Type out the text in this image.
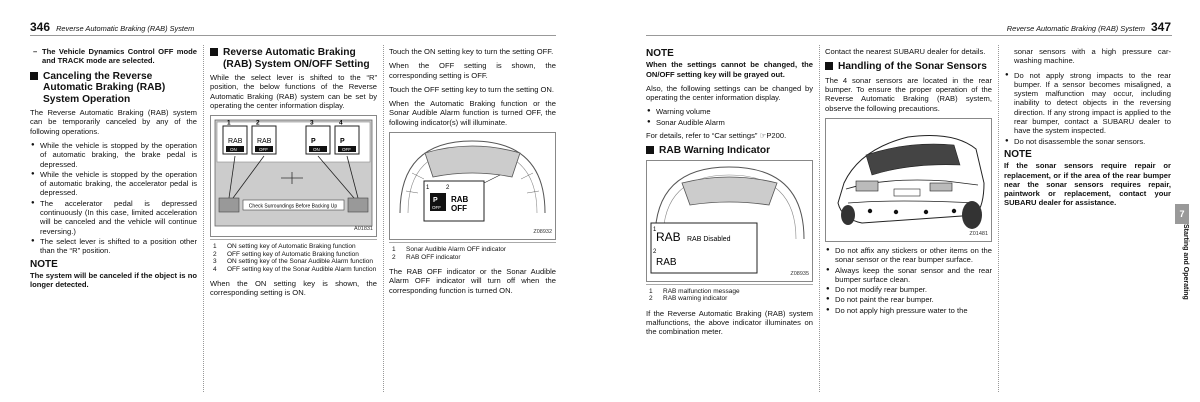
346 Reverse Automatic Braking (RAB) System

– The Vehicle Dynamics Control OFF mode and TRACK mode are selected.

Canceling the Reverse Automatic Braking (RAB) System Operation

The Reverse Automatic Braking (RAB) system can be temporarily canceled by any of the following operations.

● While the vehicle is stopped by the operation of automatic braking, the brake pedal is depressed.
● While the vehicle is stopped by the operation of automatic braking, the accelerator pedal is depressed.
● The accelerator pedal is depressed continuously (In this case, limited acceleration will be canceled and the vehicle will continue reversing.)
● The select lever is shifted to a position other than the “R” position.
NOTE

The system will be canceled if the object is no longer detected.

Reverse Automatic Braking (RAB) System ON/OFF Setting

While the select lever is shifted to the “R” position, the below functions of the Reverse Automatic Braking (RAB) system can be set by operating the center information display.

RAB RAB	P	P
ON	OFF	ON	OFF
1	2	3	4
Check Surroundings Before Backing Up
A01831
1	ON setting key of Automatic Braking function
2	OFF setting key of Automatic Braking function
3	ON setting key of the Sonar Audible Alarm function
4	OFF setting key of the Sonar Audible Alarm function

When the ON setting key is shown, the corresponding setting is ON.

Touch the ON setting key to turn the setting OFF.

When the OFF setting is shown, the corresponding setting is OFF.

Touch the OFF setting key to turn the setting ON.

When the Automatic Braking function or the Sonar Audible Alarm function is turned OFF, the following indicator(s) will illuminate.

1	2
P
OFF
RAB
OFF
Z08932
1	Sonar Audible Alarm OFF indicator
2	RAB OFF indicator

The RAB OFF indicator or the Sonar Audible Alarm OFF indicator will turn off when the corresponding function is turned ON.

Reverse Automatic Braking (RAB) System 347
NOTE

When the settings cannot be changed, the ON/OFF setting key will be grayed out.

Also, the following settings can be changed by operating the center information display.

● Warning volume
● Sonar Audible Alarm

For details, refer to “Car settings” ☞P200.

RAB Warning Indicator
1 RAB RAB Disabled
2
RAB
Z08935
1	RAB malfunction message
2	RAB warning indicator

If the Reverse Automatic Braking (RAB) system malfunctions, the above indicator illuminates on the combination meter.

Contact the nearest SUBARU dealer for details.

Handling of the Sonar Sensors

The 4 sonar sensors are located in the rear bumper. To ensure the proper operation of the Reverse Automatic Braking (RAB) system, observe the following precautions.

Z01481
● Do not affix any stickers or other items on the sonar sensor or the rear bumper surface.
● Always keep the sonar sensor and the rear bumper surface clean.
● Do not modify rear bumper.
● Do not paint the rear bumper.
● Do not apply high pressure water to the

sonar sensors with a high pressure car-washing machine.

● Do not apply strong impacts to the rear bumper. If a sensor becomes misaligned, a system malfunction may occur, including inability to detect objects in the reversing direction. If any strong impact is applied to the rear bumper, contact a SUBARU dealer to have the system inspected.
● Do not disassemble the sonar sensors.
NOTE

If the sonar sensors require repair or replacement, or if the area of the rear bumper near the sonar sensors requires repair, paintwork or replacement, contact your SUBARU dealer for assistance.

7
Starting and Operating
